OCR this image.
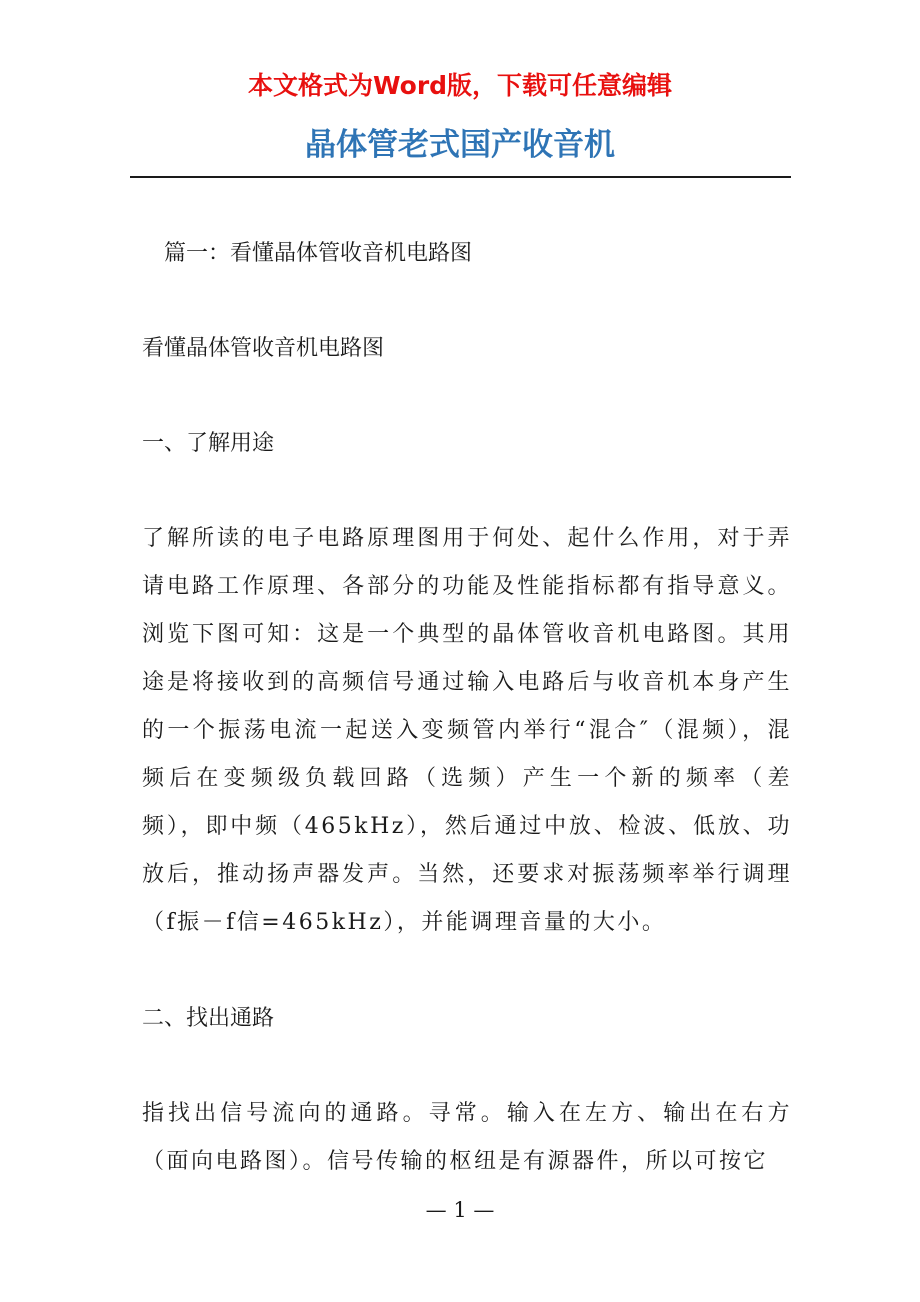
本文格式为Word版，下载可任意编辑
晶体管老式国产收音机

篇一：看懂晶体管收音机电路图

看懂晶体管收音机电路图

一、了解用途

了解所读的电子电路原理图用于何处、起什么作用，对于弄请电路工作原理、各部分的功能及性能指标都有指导意义。浏览下图可知：这是一个典型的晶体管收音机电路图。其用途是将接收到的高频信号通过输入电路后与收音机本身产生的一个振荡电流一起送入变频管内举行“混合″（混频），混频后在变频级负载回路（选频）产生一个新的频率（差频），即中频（465kHz），然后通过中放、检波、低放、功放后，推动扬声器发声。当然，还要求对振荡频率举行调理（f振－f信=465kHz），并能调理音量的大小。

二、找出通路

指找出信号流向的通路。寻常。输入在左方、输出在右方（面向电路图）。信号传输的枢纽是有源器件，所以可按它

— 1 —
